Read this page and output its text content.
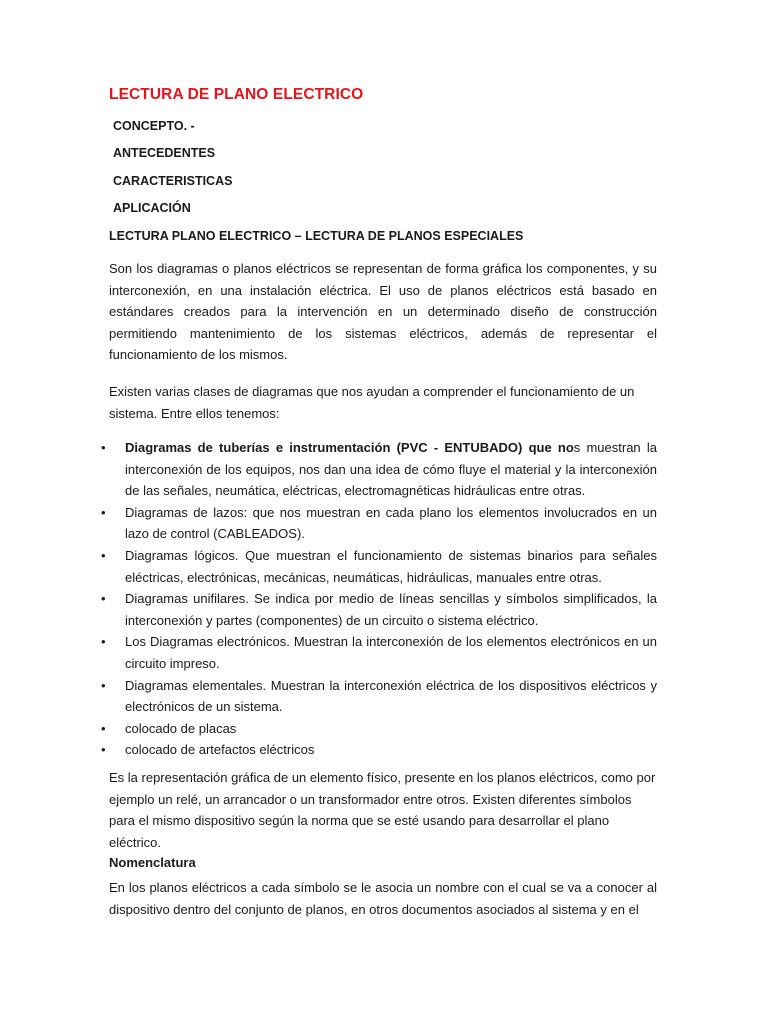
LECTURA DE PLANO ELECTRICO
CONCEPTO. -
ANTECEDENTES
CARACTERISTICAS
APLICACIÓN
LECTURA PLANO ELECTRICO – LECTURA DE PLANOS ESPECIALES

Son los diagramas o planos eléctricos se representan de forma gráfica los componentes, y su interconexión, en una instalación eléctrica. El uso de planos eléctricos está basado en estándares creados para la intervención en un determinado diseño de construcción permitiendo mantenimiento de los sistemas eléctricos, además de representar el funcionamiento de los mismos.

Existen varias clases de diagramas que nos ayudan a comprender el funcionamiento de un sistema. Entre ellos tenemos:

• Diagramas de tuberías e instrumentación (PVC - ENTUBADO) que nos muestran la interconexión de los equipos, nos dan una idea de cómo fluye el material y la interconexión de las señales, neumática, eléctricas, electromagnéticas hidráulicas entre otras.
• Diagramas de lazos: que nos muestran en cada plano los elementos involucrados en un lazo de control (CABLEADOS).
• Diagramas lógicos. Que muestran el funcionamiento de sistemas binarios para señales eléctricas, electrónicas, mecánicas, neumáticas, hidráulicas, manuales entre otras.
• Diagramas unifilares. Se indica por medio de líneas sencillas y símbolos simplificados, la interconexión y partes (componentes) de un circuito o sistema eléctrico.
• Los Diagramas electrónicos. Muestran la interconexión de los elementos electrónicos en un circuito impreso.
• Diagramas elementales. Muestran la interconexión eléctrica de los dispositivos eléctricos y electrónicos de un sistema.
• colocado de placas
• colocado de artefactos eléctricos

Es la representación gráfica de un elemento físico, presente en los planos eléctricos, como por ejemplo un relé, un arrancador o un transformador entre otros. Existen diferentes símbolos para el mismo dispositivo según la norma que se esté usando para desarrollar el plano eléctrico.

Nomenclatura

En los planos eléctricos a cada símbolo se le asocia un nombre con el cual se va a conocer al dispositivo dentro del conjunto de planos, en otros documentos asociados al sistema y en el
